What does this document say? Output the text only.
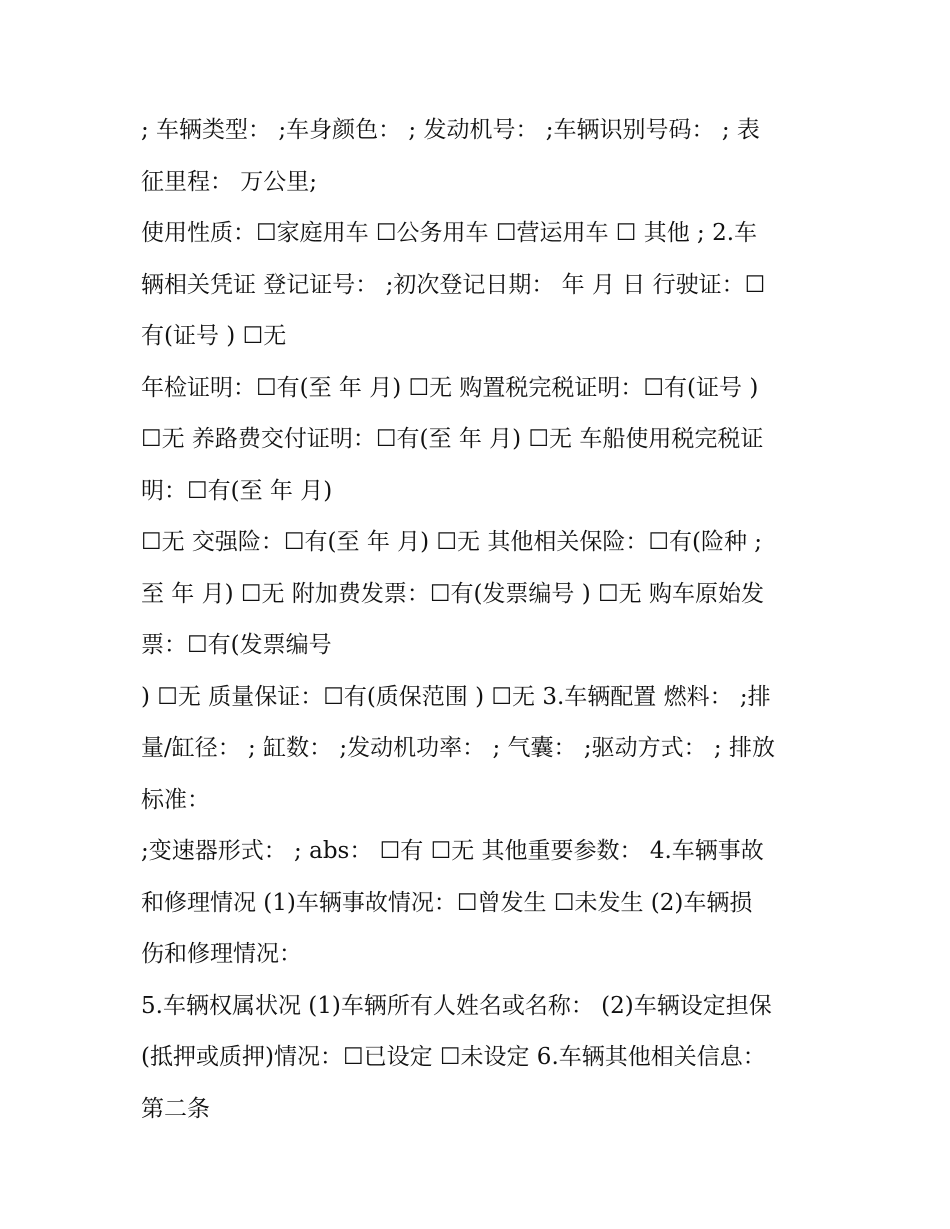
; 车辆类型： ;车身颜色： ; 发动机号： ;车辆识别号码： ; 表
征里程： 万公里;
使用性质：☐家庭用车 ☐公务用车 ☐营运用车 ☐ 其他 ; 2.车
辆相关凭证 登记证号： ;初次登记日期： 年 月 日 行驶证：☐
有(证号 ) ☐无
年检证明：☐有(至 年 月) ☐无 购置税完税证明：☐有(证号 )
☐无 养路费交付证明：☐有(至 年 月) ☐无 车船使用税完税证
明：☐有(至 年 月)
☐无 交强险：☐有(至 年 月) ☐无 其他相关保险：☐有(险种 ;
至 年 月) ☐无 附加费发票：☐有(发票编号 ) ☐无 购车原始发
票：☐有(发票编号
) ☐无 质量保证：☐有(质保范围 ) ☐无 3.车辆配置 燃料： ;排
量/缸径： ; 缸数： ;发动机功率： ; 气囊： ;驱动方式： ; 排放
标准：
;变速器形式： ; abs： ☐有 ☐无 其他重要参数： 4.车辆事故
和修理情况 (1)车辆事故情况：☐曾发生 ☐未发生 (2)车辆损
伤和修理情况：
5.车辆权属状况 (1)车辆所有人姓名或名称： (2)车辆设定担保
(抵押或质押)情况：☐已设定 ☐未设定 6.车辆其他相关信息：
第二条
